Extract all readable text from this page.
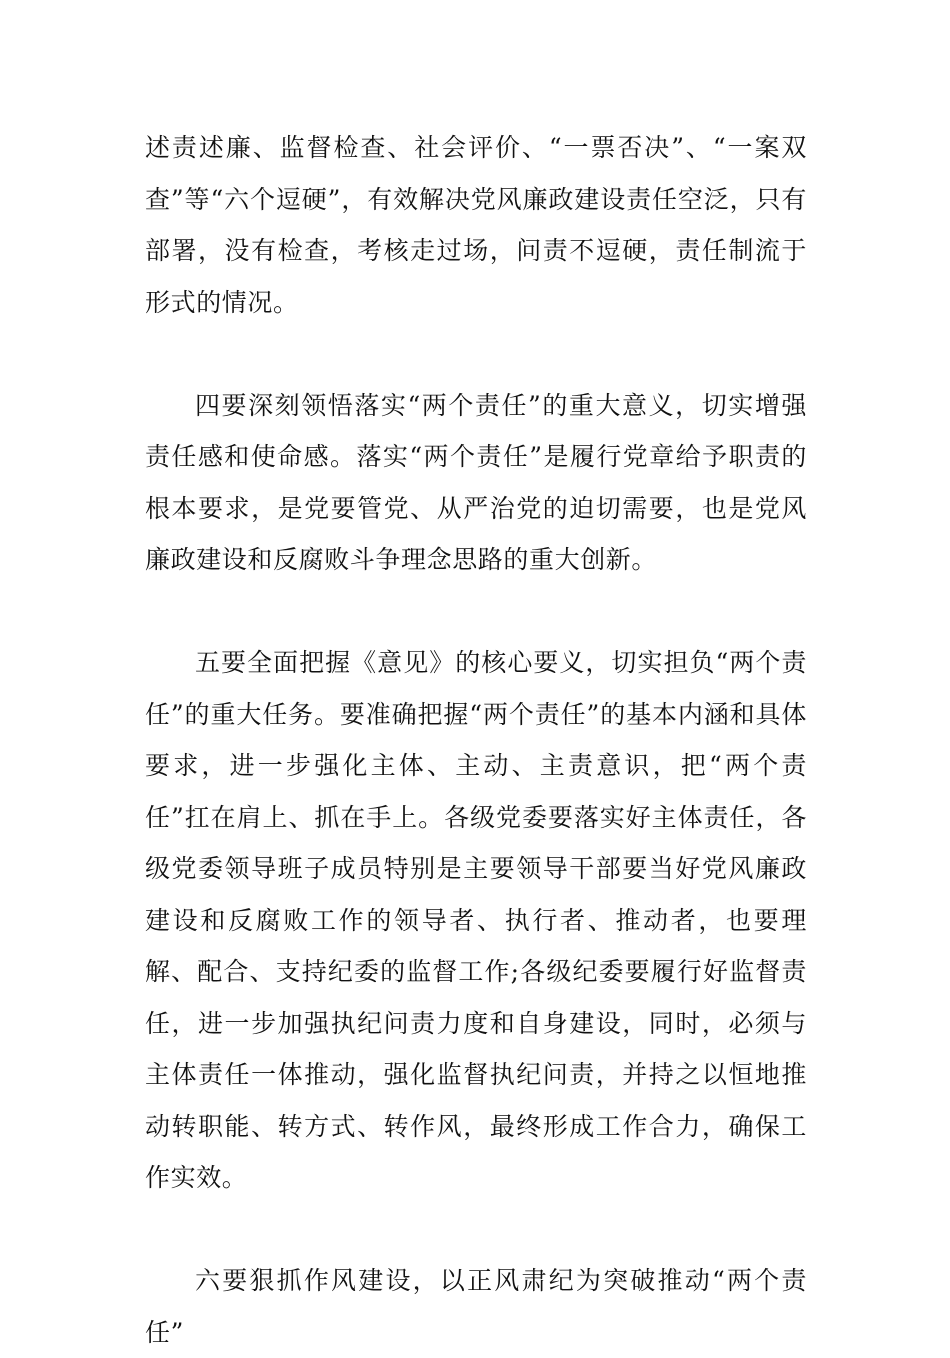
述责述廉、监督检查、社会评价、“一票否决”、“一案双查”等“六个逗硬”，有效解决党风廉政建设责任空泛，只有部署，没有检查，考核走过场，问责不逗硬，责任制流于形式的情况。

四要深刻领悟落实“两个责任”的重大意义，切实增强责任感和使命感。落实“两个责任”是履行党章给予职责的根本要求，是党要管党、从严治党的迫切需要，也是党风廉政建设和反腐败斗争理念思路的重大创新。

五要全面把握《意见》的核心要义，切实担负“两个责任”的重大任务。要准确把握“两个责任”的基本内涵和具体要求，进一步强化主体、主动、主责意识，把“两个责任”扛在肩上、抓在手上。各级党委要落实好主体责任，各级党委领导班子成员特别是主要领导干部要当好党风廉政建设和反腐败工作的领导者、执行者、推动者，也要理解、配合、支持纪委的监督工作;各级纪委要履行好监督责任，进一步加强执纪问责力度和自身建设，同时，必须与主体责任一体推动，强化监督执纪问责，并持之以恒地推动转职能、转方式、转作风，最终形成工作合力，确保工作实效。

六要狠抓作风建设，以正风肃纪为突破推动“两个责任”
